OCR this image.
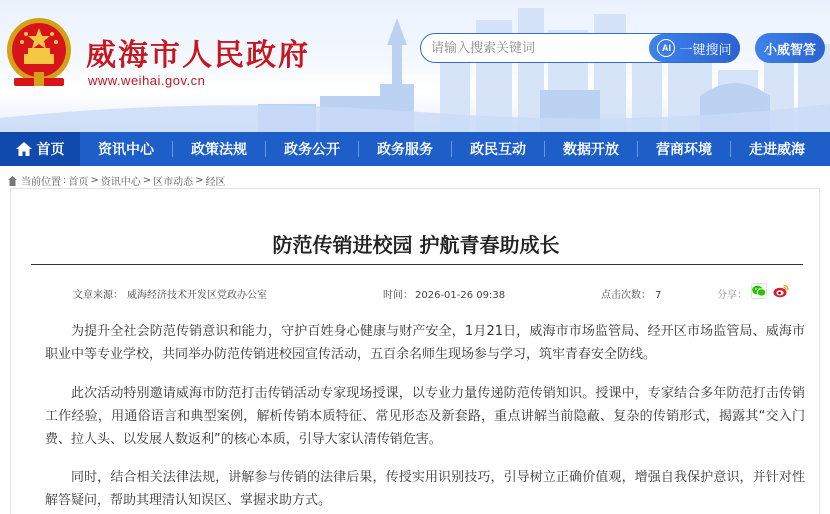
威海市人民政府
www.weihai.gov.cn
请输入搜索关键词
AI 一键搜问	小威智答
首页	资讯中心	政策法规	政务公开	政务服务	政民互动	数据开放	营商环境	走进威海
当前位置 : 首页 > 资讯中心 > 区市动态 > 经区
防范传销进校园 护航青春助成长
文章来源： 威海经济技术开发区党政办公室	时间： 2026-01-26 09:38	点击次数： 7	分享：

为提升全社会防范传销意识和能力，守护百姓身心健康与财产安全，1月21日，威海市市场监管局、经开区市场监管局、威海市职业中等专业学校，共同举办防范传销进校园宣传活动，五百余名师生现场参与学习，筑牢青春安全防线。

此次活动特别邀请威海市防范打击传销活动专家现场授课，以专业力量传递防范传销知识。授课中，专家结合多年防范打击传销工作经验，用通俗语言和典型案例，解析传销本质特征、常见形态及新套路，重点讲解当前隐蔽、复杂的传销形式，揭露其“交入门费、拉人头、以发展人数返利”的核心本质，引导大家认清传销危害。

同时，结合相关法律法规，讲解参与传销的法律后果，传授实用识别技巧，引导树立正确价值观，增强自我保护意识，并针对性解答疑问，帮助其理清认知误区、掌握求助方式。
